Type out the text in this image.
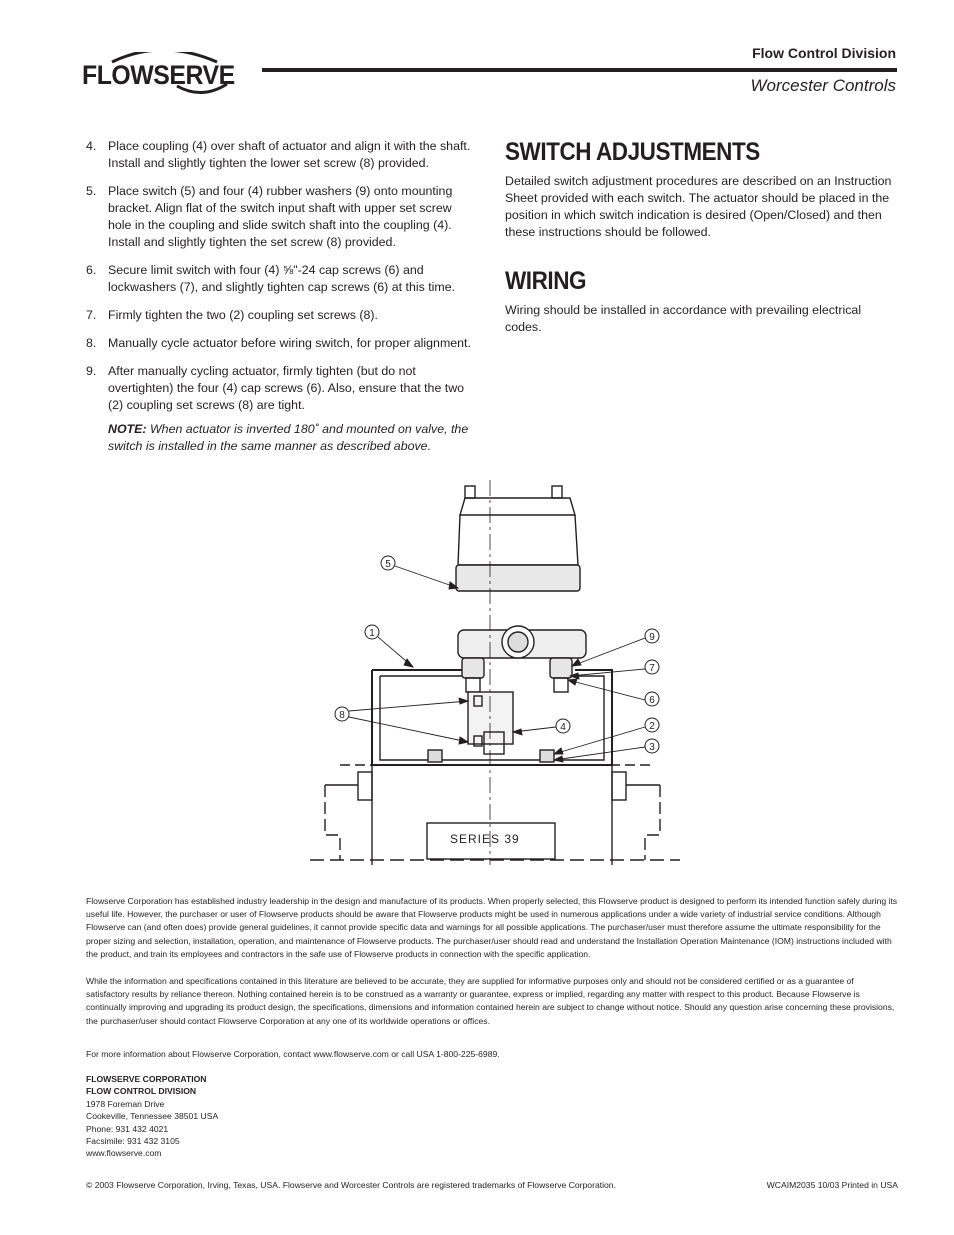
FLOWSERVE
Flow Control Division
Worcester Controls
4. Place coupling (4) over shaft of actuator and align it with the shaft. Install and slightly tighten the lower set screw (8) provided.
5. Place switch (5) and four (4) rubber washers (9) onto mounting bracket. Align flat of the switch input shaft with upper set screw hole in the coupling and slide switch shaft into the coupling (4). Install and slightly tighten the set screw (8) provided.
6. Secure limit switch with four (4) ⅝"-24 cap screws (6) and lockwashers (7), and slightly tighten cap screws (6) at this time.
7. Firmly tighten the two (2) coupling set screws (8).
8. Manually cycle actuator before wiring switch, for proper alignment.
9. After manually cycling actuator, firmly tighten (but do not overtighten) the four (4) cap screws (6). Also, ensure that the two (2) coupling set screws (8) are tight.
NOTE: When actuator is inverted 180˚ and mounted on valve, the switch is installed in the same manner as described above.
SWITCH ADJUSTMENTS

Detailed switch adjustment procedures are described on an Instruction Sheet provided with each switch. The actuator should be placed in the position in which switch indication is desired (Open/Closed) and then these instructions should be followed.

WIRING

Wiring should be installed in accordance with prevailing electrical codes.

SERIES 39
5
1
8
9
7
6
4	2
3

Flowserve Corporation has established industry leadership in the design and manufacture of its products. When properly selected, this Flowserve product is designed to perform its intended function safely during its useful life. However, the purchaser or user of Flowserve products should be aware that Flowserve products might be used in numerous applications under a wide variety of industrial service conditions. Although Flowserve can (and often does) provide general guidelines, it cannot provide specific data and warnings for all possible applications. The purchaser/user must therefore assume the ultimate responsibility for the proper sizing and selection, installation, operation, and maintenance of Flowserve products. The purchaser/user should read and understand the Installation Operation Maintenance (IOM) instructions included with the product, and train its employees and contractors in the safe use of Flowserve products in connection with the specific application.

While the information and specifications contained in this literature are believed to be accurate, they are supplied for informative purposes only and should not be considered certified or as a guarantee of satisfactory results by reliance thereon. Nothing contained herein is to be construed as a warranty or guarantee, express or implied, regarding any matter with respect to this product. Because Flowserve is continually improving and upgrading its product design, the specifications, dimensions and information contained herein are subject to change without notice. Should any question arise concerning these provisions, the purchaser/user should contact Flowserve Corporation at any one of its worldwide operations or offices.

For more information about Flowserve Corporation, contact www.flowserve.com or call USA 1-800-225-6989.

FLOWSERVE CORPORATION
FLOW CONTROL DIVISION
1978 Foreman Drive
Cookeville, Tennessee 38501 USA
Phone: 931 432 4021
Facsimile: 931 432 3105
www.flowserve.com
© 2003 Flowserve Corporation, Irving, Texas, USA. Flowserve and Worcester Controls are registered trademarks of Flowserve Corporation.	WCAIM2035 10/03 Printed in USA
